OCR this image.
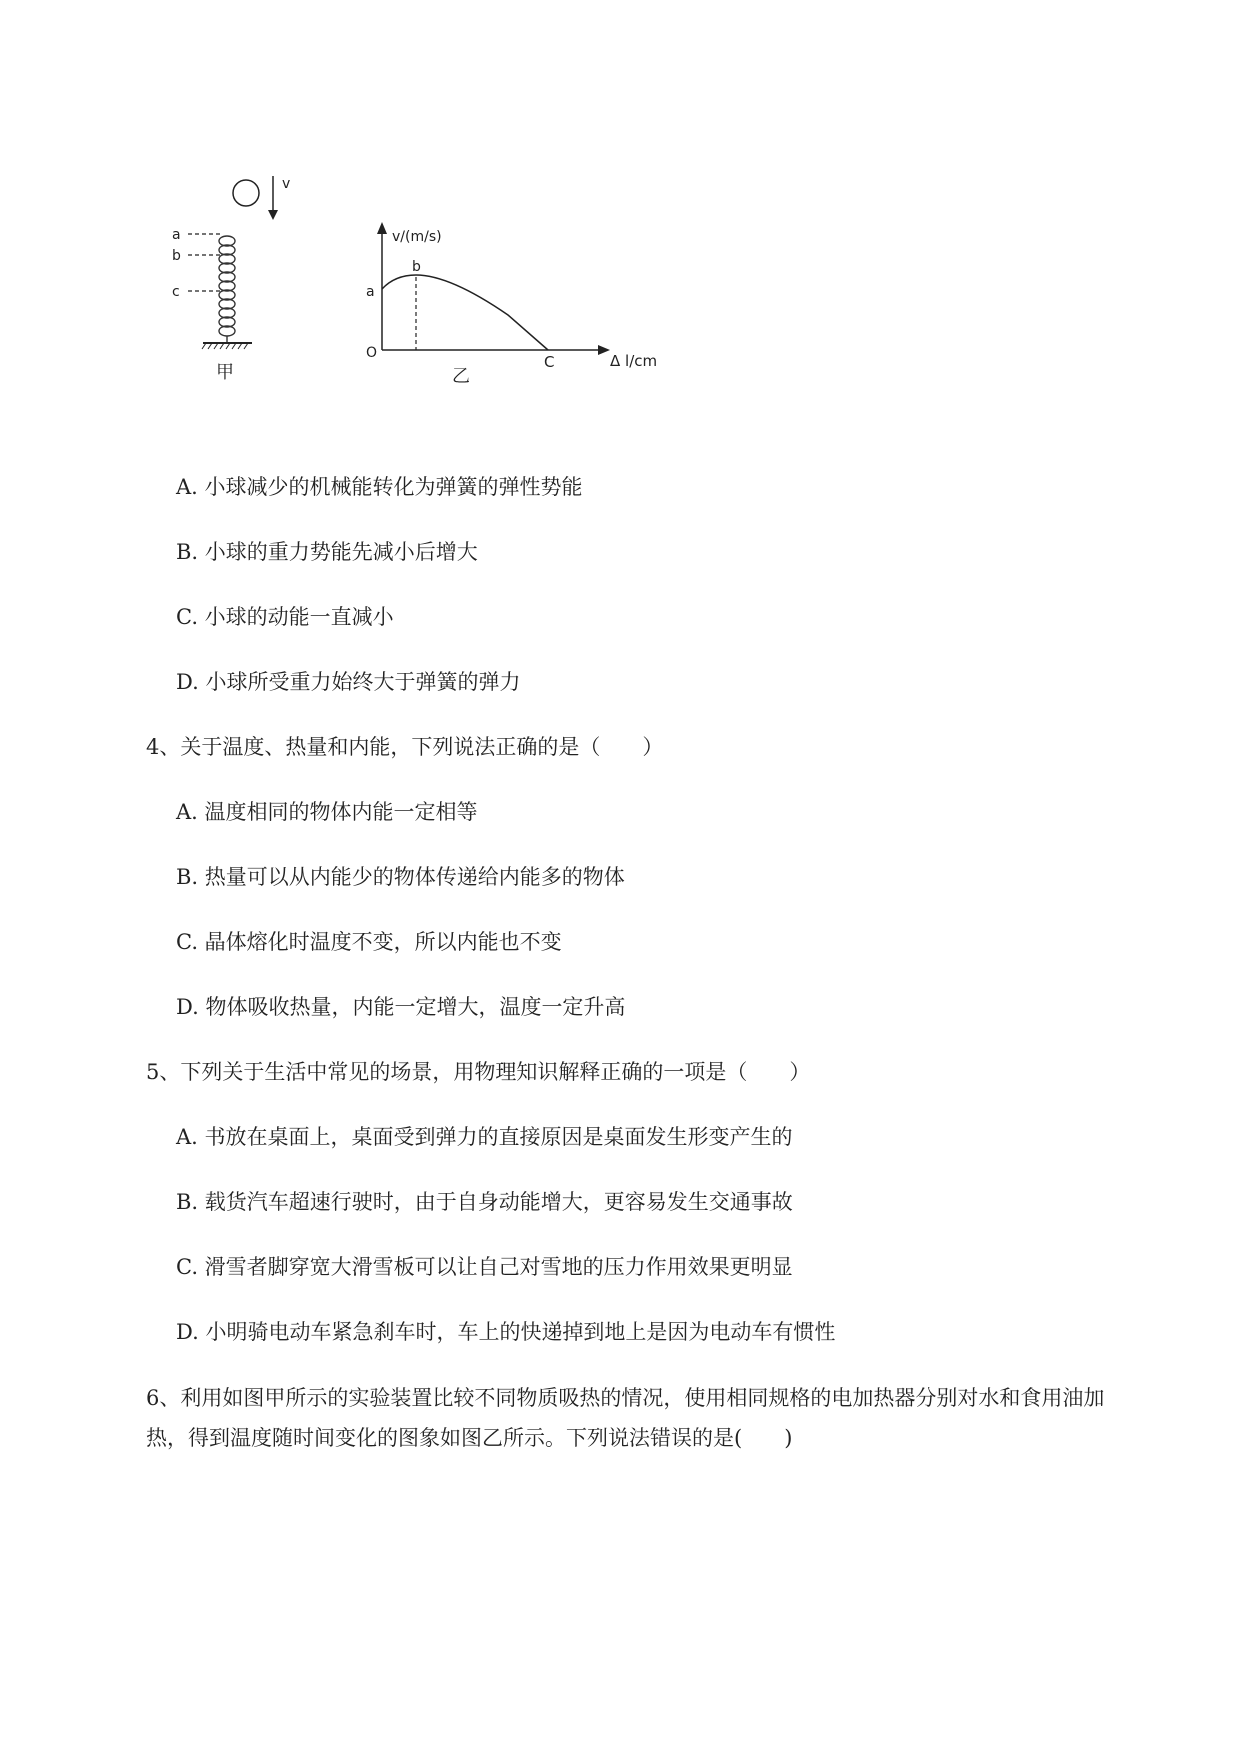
v
a
b
c
甲
v/(m/s)
a
b
O	C	Δ l/cm
乙
A. 小球减少的机械能转化为弹簧的弹性势能
B. 小球的重力势能先减小后增大
C. 小球的动能一直减小
D. 小球所受重力始终大于弹簧的弹力
4、关于温度、热量和内能，下列说法正确的是（　　）
A. 温度相同的物体内能一定相等
B. 热量可以从内能少的物体传递给内能多的物体
C. 晶体熔化时温度不变，所以内能也不变
D. 物体吸收热量，内能一定增大，温度一定升高
5、下列关于生活中常见的场景，用物理知识解释正确的一项是（　　）
A. 书放在桌面上，桌面受到弹力的直接原因是桌面发生形变产生的
B. 载货汽车超速行驶时，由于自身动能增大，更容易发生交通事故
C. 滑雪者脚穿宽大滑雪板可以让自己对雪地的压力作用效果更明显
D. 小明骑电动车紧急刹车时，车上的快递掉到地上是因为电动车有惯性
6、利用如图甲所示的实验装置比较不同物质吸热的情况，使用相同规格的电加热器分别对水和食用油加热，得到温度随时间变化的图象如图乙所示。下列说法错误的是(　　)
